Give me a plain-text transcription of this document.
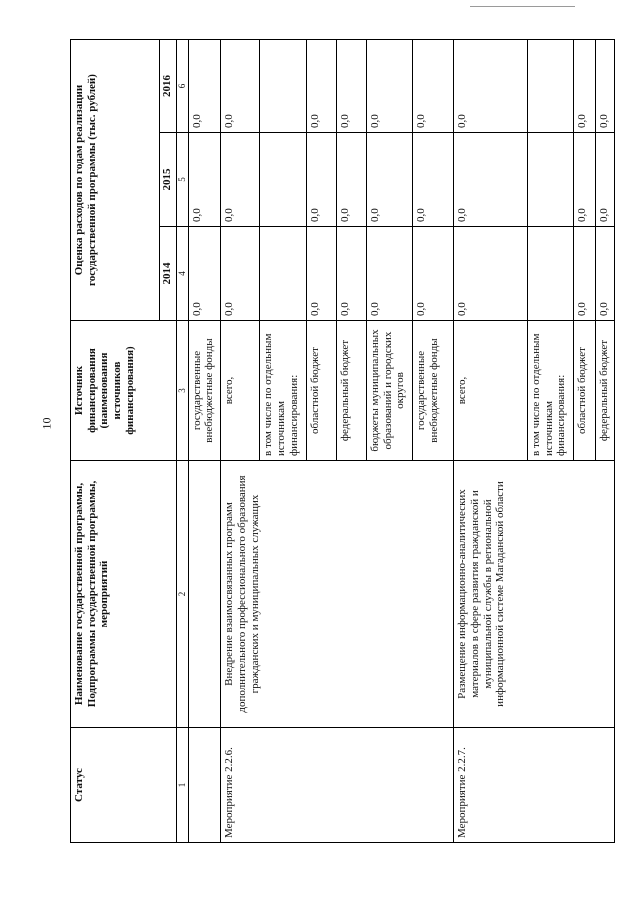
10
Статус	Наименование государственной программы, Подпрограммы государственной программы, мероприятий	Источник финансирования (наименования источников финансирования)	Оценка расходов по годам реализации государственной программы (тыс. рублей)		
			2014	2015	2016
1	2	3	4	5	6
		государственные внебюджетные фонды	0,0	0,0	0,0
Мероприятие 2.2.6.	Внедрение взаимосвязанных программ дополнительного профессионального образования гражданских и муниципальных служащих	всего,	0,0	0,0	0,0
		в том числе по отдельным источникам финансирования:			
		областной бюджет	0,0	0,0	0,0
		федеральный бюджет	0,0	0,0	0,0
		бюджеты муниципальных образований и городских округов	0,0	0,0	0,0
		государственные внебюджетные фонды	0,0	0,0	0,0
Мероприятие 2.2.7.	Размещение информационно-аналитических материалов в сфере развития гражданской и муниципальной службы в региональной информационной системе Магаданской области	всего,	0,0	0,0	0,0
		в том числе по отдельным источникам финансирования:			
		областной бюджет	0,0	0,0	0,0
		федеральный бюджет	0,0	0,0	0,0
